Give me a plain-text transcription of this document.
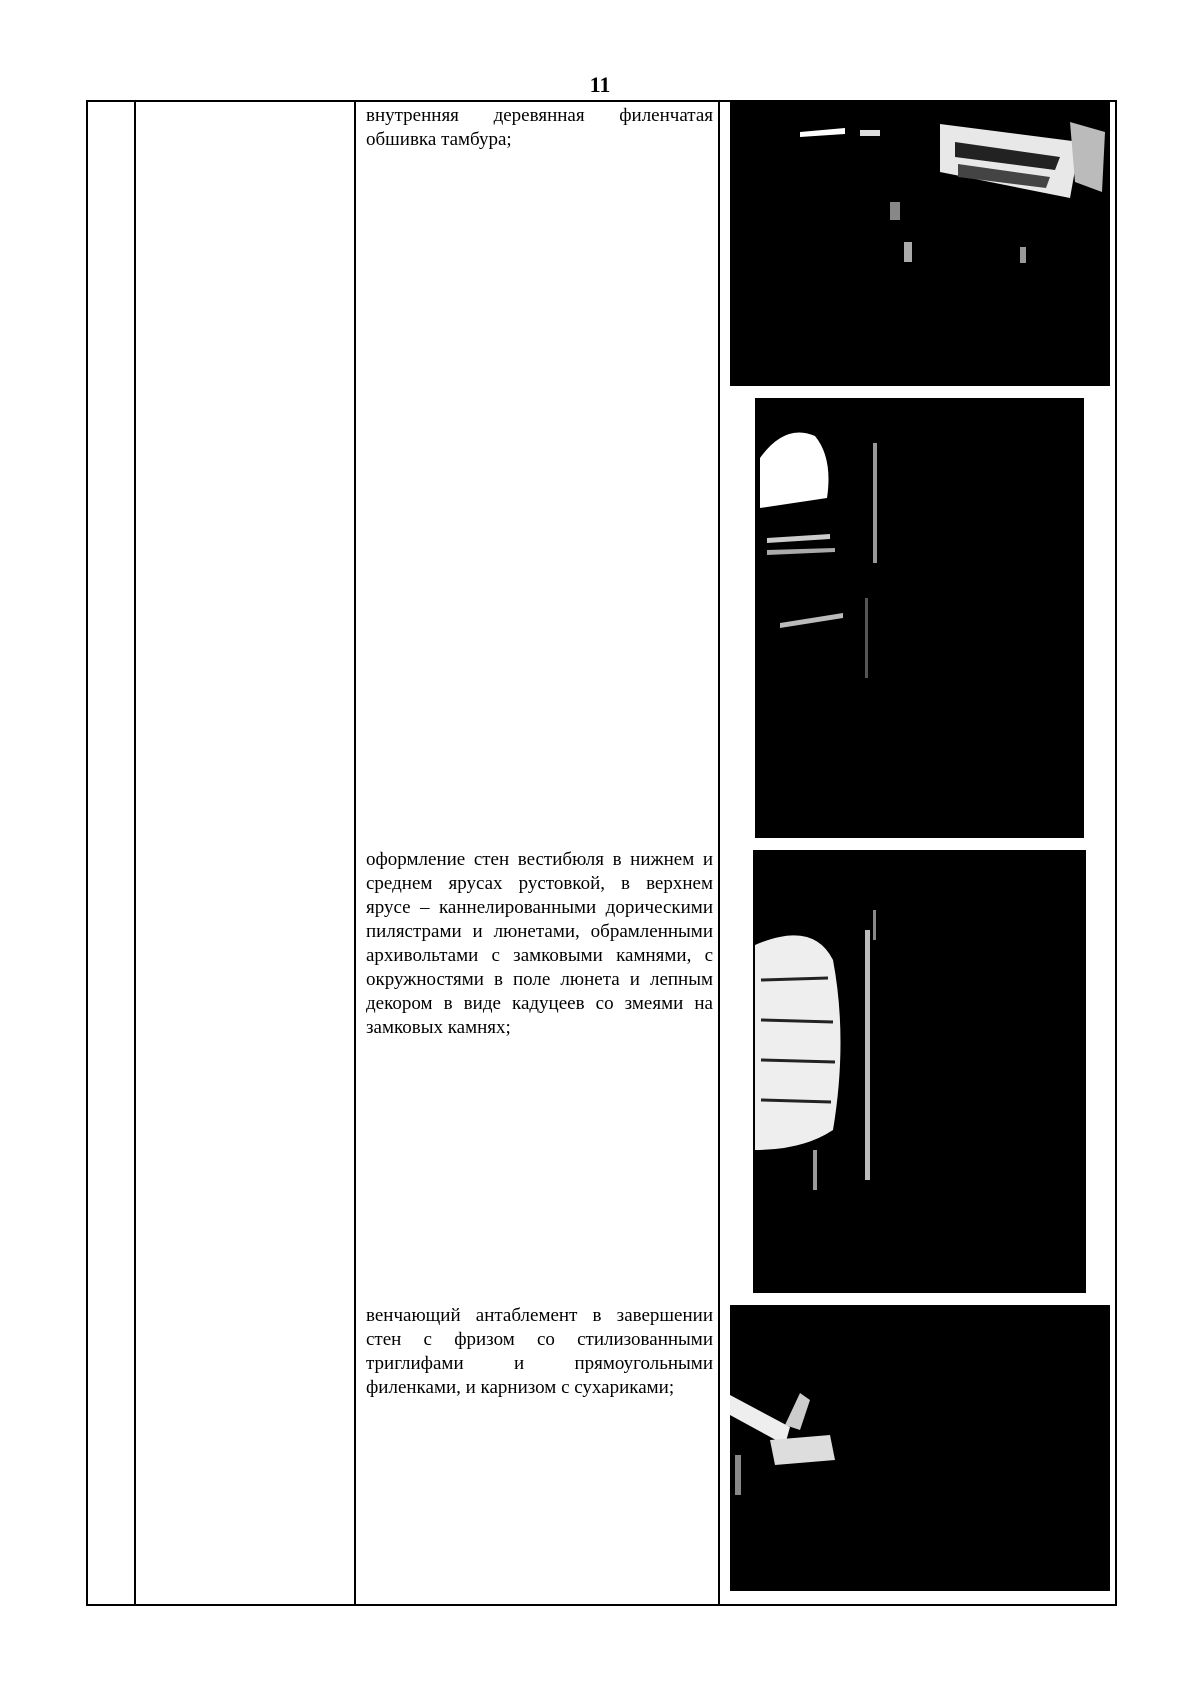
11
внутренняя деревянная филенчатая обшивка тамбура;
оформление стен вестибюля в нижнем и среднем ярусах рустовкой, в верхнем ярусе – каннелированными дорическими пилястрами и люнетами, обрамленными архивольтами с замковыми камнями, с окружностями в поле люнета и лепным декором в виде кадуцеев со змеями на замковых камнях;
венчающий антаблемент в завершении стен с фризом со стилизованными триглифами и прямоугольными филенками, и карнизом с сухариками;
